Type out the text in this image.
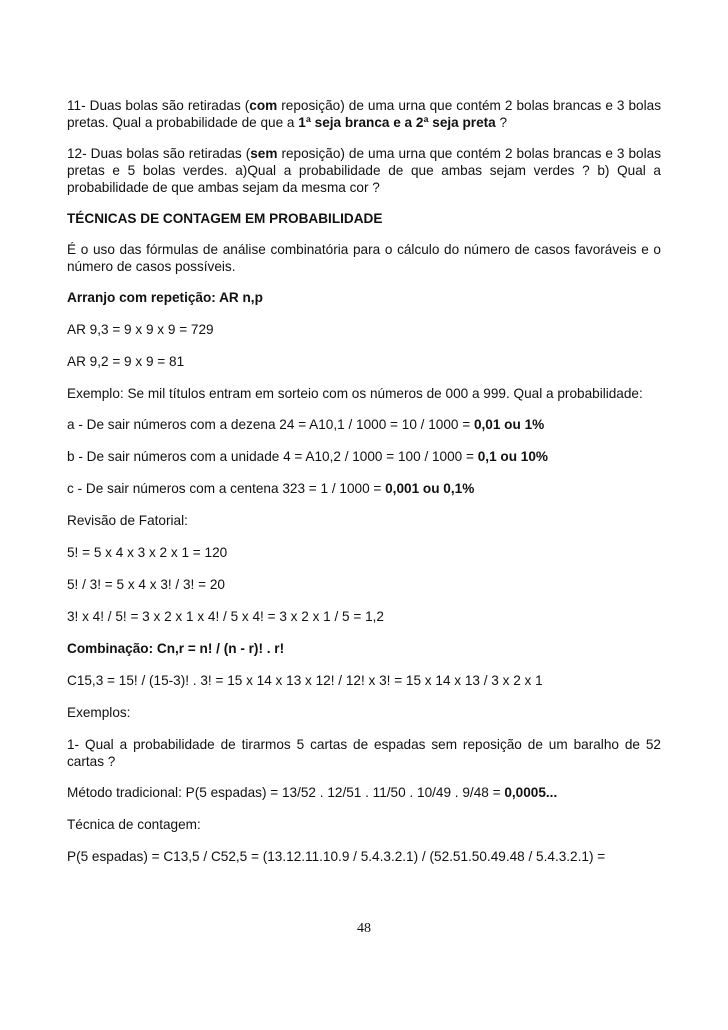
11- Duas bolas são retiradas (com reposição) de uma urna que contém 2 bolas brancas e 3 bolas pretas. Qual a probabilidade de que a 1ª seja branca e a 2ª seja preta ?

12- Duas bolas são retiradas (sem reposição) de uma urna que contém 2 bolas brancas e 3 bolas pretas e 5 bolas verdes. a)Qual a probabilidade de que ambas sejam verdes ? b) Qual a probabilidade de que ambas sejam da mesma cor ?

TÉCNICAS DE CONTAGEM EM PROBABILIDADE

É o uso das fórmulas de análise combinatória para o cálculo do número de casos favoráveis e o número de casos possíveis.

Arranjo com repetição: AR n,p

AR 9,3 = 9 x 9 x 9 = 729

AR 9,2 = 9 x 9 = 81

Exemplo: Se mil títulos entram em sorteio com os números de 000 a 999. Qual a probabilidade:

a - De sair números com a dezena 24 = A10,1 / 1000 = 10 / 1000 = 0,01 ou 1%

b - De sair números com a unidade 4 = A10,2 / 1000 = 100 / 1000 = 0,1 ou 10%

c - De sair números com a centena 323 = 1 / 1000 = 0,001 ou 0,1%

Revisão de Fatorial:

5! = 5 x 4 x 3 x 2 x 1 = 120

5! / 3! = 5 x 4 x 3! / 3! = 20

3! x 4! / 5! = 3 x 2 x 1 x 4! / 5 x 4! = 3 x 2 x 1 / 5 = 1,2

Combinação: Cn,r = n! / (n - r)! . r!

C15,3 = 15! / (15-3)! . 3! = 15 x 14 x 13 x 12! / 12! x 3! = 15 x 14 x 13 / 3 x 2 x 1

Exemplos:

1- Qual a probabilidade de tirarmos 5 cartas de espadas sem reposição de um baralho de 52 cartas ?

Método tradicional: P(5 espadas) = 13/52 . 12/51 . 11/50 . 10/49 . 9/48 = 0,0005...

Técnica de contagem:

P(5 espadas) = C13,5 / C52,5 = (13.12.11.10.9 / 5.4.3.2.1) / (52.51.50.49.48 / 5.4.3.2.1) =

48
